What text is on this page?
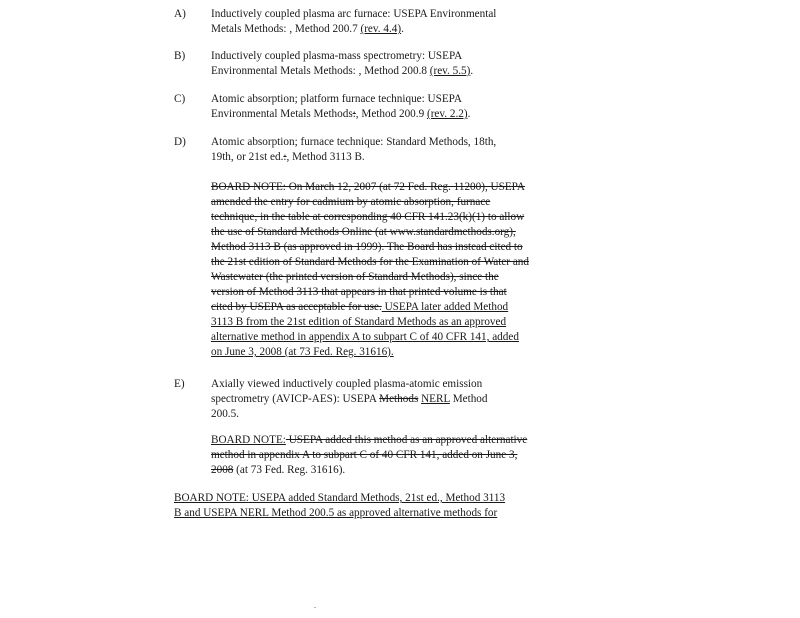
A) Inductively coupled plasma arc furnace: USEPA Environmental

Metals Methods: , Method 200.7 (rev. 4.4).

B) Inductively coupled plasma-mass spectrometry: USEPA

Environmental Metals Methods: , Method 200.8 (rev. 5.5).

C) Atomic absorption; platform furnace technique: USEPA

Environmental Metals Methods:, Method 200.9 (rev. 2.2).

D) Atomic absorption; furnace technique: Standard Methods, 18th,

19th, or 21st ed.:, Method 3113 B.

BOARD NOTE: On March 12, 2007 (at 72 Fed. Reg. 11200), USEPA amended the entry for cadmium by atomic absorption, furnace technique, in the table at corresponding 40 CFR 141.23(k)(1) to allow the use of Standard Methods Online (at www.standardmethods.org), Method 3113 B (as approved in 1999). The Board has instead cited to the 21st edition of Standard Methods for the Examination of Water and Wastewater (the printed version of Standard Methods), since the version of Method 3113 that appears in that printed volume is that cited by USEPA as acceptable for use. USEPA later added Method 3113 B from the 21st edition of Standard Methods as an approved alternative method in appendix A to subpart C of 40 CFR 141, added on June 3, 2008 (at 73 Fed. Reg. 31616).

E) Axially viewed inductively coupled plasma-atomic emission

spectrometry (AVICP-AES): USEPA Methods NERL Method

200.5.

BOARD NOTE: USEPA added this method as an approved alternative method in appendix A to subpart C of 40 CFR 141, added on June 3, 2008 (at 73 Fed. Reg. 31616).

BOARD NOTE: USEPA added Standard Methods, 21st ed., Method 3113

B and USEPA NERL Method 200.5 as approved alternative methods for

.
